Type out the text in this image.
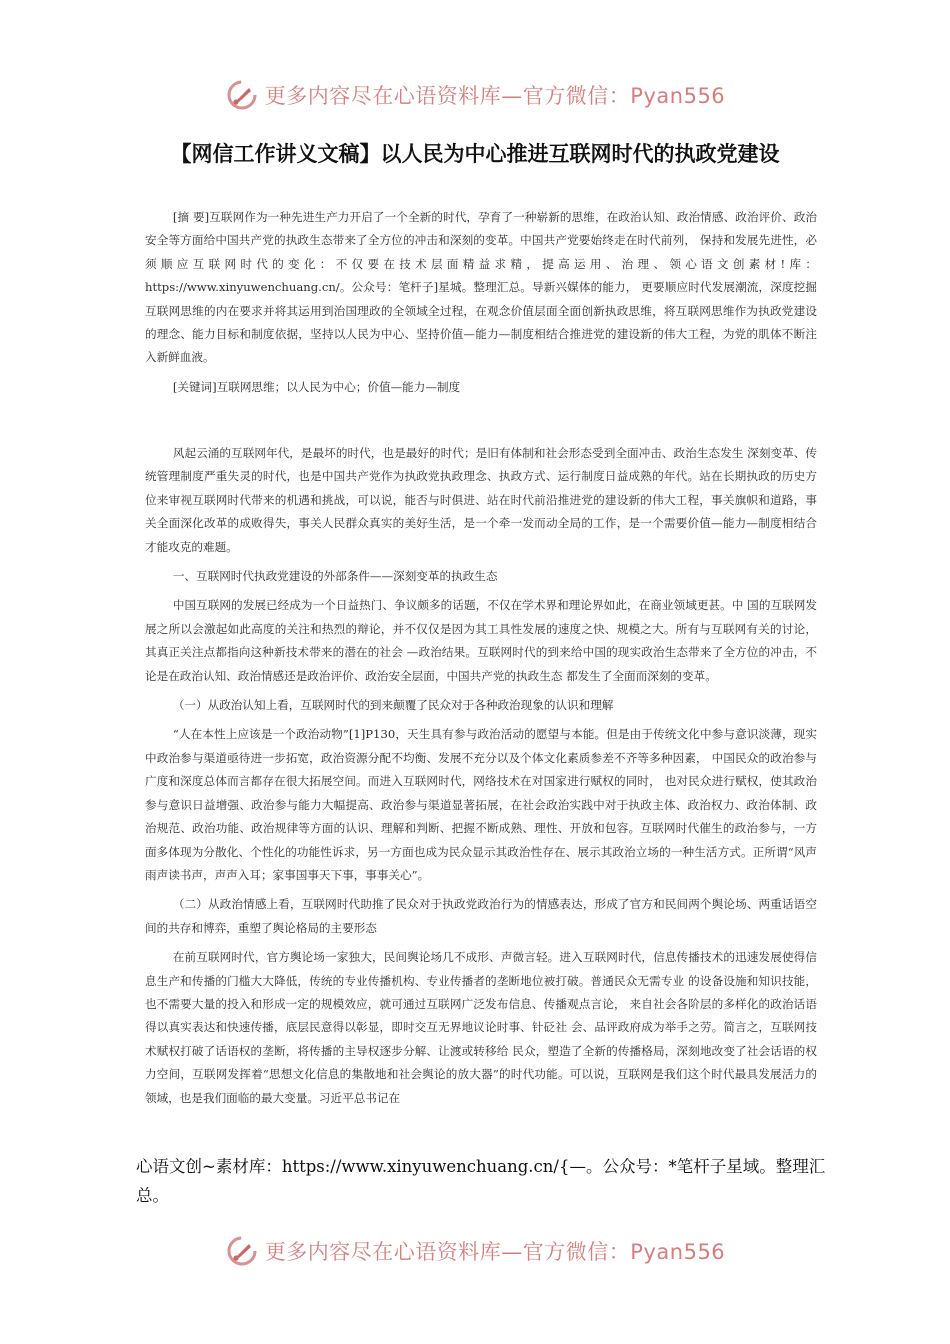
更多内容尽在心语资料库—官方微信：Pyan556
【网信工作讲义文稿】以人民为中心推进互联网时代的执政党建设

[摘 要]互联网作为一种先进生产力开启了一个全新的时代，孕育了一种崭新的思维，在政治认知、政治情感、政治评价、政治安全等方面给中国共产党的执政生态带来了全方位的冲击和深刻的变革。中国共产党要始终走在时代前列， 保持和发展先进性，必须顺应互联网时代的变化：不仅要在技术层面精益求精，提高运用、治理、领心语文创素材!库：https://www.xinyuwenchuang.cn/。公众号：笔杆子]星城。整理汇总。导新兴媒体的能力， 更要顺应时代发展潮流，深度挖掘互联网思维的内在要求并将其运用到治国理政的全领域全过程，在观念价值层面全面创新执政思维，将互联网思维作为执政党建设的理念、能力目标和制度依据，坚持以人民为中心、坚持价值—能力—制度相结合推进党的建设新的伟大工程，为党的肌体不断注入新鲜血液。

[关键词]互联网思维；以人民为中心；价值—能力—制度

风起云涌的互联网年代，是最坏的时代，也是最好的时代；是旧有体制和社会形态受到全面冲击、政治生态发生 深刻变革、传统管理制度严重失灵的时代，也是中国共产党作为执政党执政理念、执政方式、运行制度日益成熟的年代。站在长期执政的历史方位来审视互联网时代带来的机遇和挑战，可以说，能否与时俱进、站在时代前沿推进党的建设新的伟大工程，事关旗帜和道路，事关全面深化改革的成败得失，事关人民群众真实的美好生活，是一个牵一发而动全局的工作，是一个需要价值—能力—制度相结合才能攻克的难题。

一、互联网时代执政党建设的外部条件——深刻变革的执政生态

中国互联网的发展已经成为一个日益热门、争议颇多的话题，不仅在学术界和理论界如此，在商业领域更甚。中 国的互联网发展之所以会激起如此高度的关注和热烈的辩论，并不仅仅是因为其工具性发展的速度之快、规模之大。所有与互联网有关的讨论，其真正关注点都指向这种新技术带来的潜在的社会 —政治结果。互联网时代的到来给中国的现实政治生态带来了全方位的冲击，不论是在政治认知、政治情感还是政治评价、政治安全层面，中国共产党的执政生态 都发生了全面而深刻的变革。

（一）从政治认知上看，互联网时代的到来颠覆了民众对于各种政治现象的认识和理解

“人在本性上应该是一个政治动物”[1]P130，天生具有参与政治活动的愿望与本能。但是由于传统文化中参与意识淡薄，现实中政治参与渠道亟待进一步拓宽，政治资源分配不均衡、发展不充分以及个体文化素质参差不齐等多种因素， 中国民众的政治参与广度和深度总体而言都存在很大拓展空间。而进入互联网时代，网络技术在对国家进行赋权的同时， 也对民众进行赋权，使其政治参与意识日益增强、政治参与能力大幅提高、政治参与渠道显著拓展，在社会政治实践中对于执政主体、政治权力、政治体制、政治规范、政治功能、政治规律等方面的认识、理解和判断、把握不断成熟、理性、开放和包容。互联网时代催生的政治参与，一方面多体现为分散化、个性化的功能性诉求，另一方面也成为民众显示其政治性存在、展示其政治立场的一种生活方式。正所谓“风声雨声读书声，声声入耳；家事国事天下事，事事关心”。

（二）从政治情感上看，互联网时代助推了民众对于执政党政治行为的情感表达，形成了官方和民间两个舆论场、两重话语空间的共存和博弈，重塑了舆论格局的主要形态

在前互联网时代，官方舆论场一家独大，民间舆论场几不成形、声微言轻。进入互联网时代，信息传播技术的迅速发展使得信息生产和传播的门槛大大降低，传统的专业传播机构、专业传播者的垄断地位被打破。普通民众无需专业 的设备设施和知识技能，也不需要大量的投入和形成一定的规模效应，就可通过互联网广泛发布信息、传播观点言论， 来自社会各阶层的多样化的政治话语得以真实表达和快速传播，底层民意得以彰显，即时交互无界地议论时事、针砭社 会、品评政府成为举手之劳。简言之，互联网技术赋权打破了话语权的垄断，将传播的主导权逐步分解、让渡或转移给 民众，塑造了全新的传播格局，深刻地改变了社会话语的权力空间，互联网发挥着“思想文化信息的集散地和社会舆论的放大器”的时代功能。可以说，互联网是我们这个时代最具发展活力的领域，也是我们面临的最大变量。习近平总书记在

心语文创~素材库：https://www.xinyuwenchuang.cn/{—。公众号：*笔杆子星域。整理汇总。
更多内容尽在心语资料库—官方微信：Pyan556
